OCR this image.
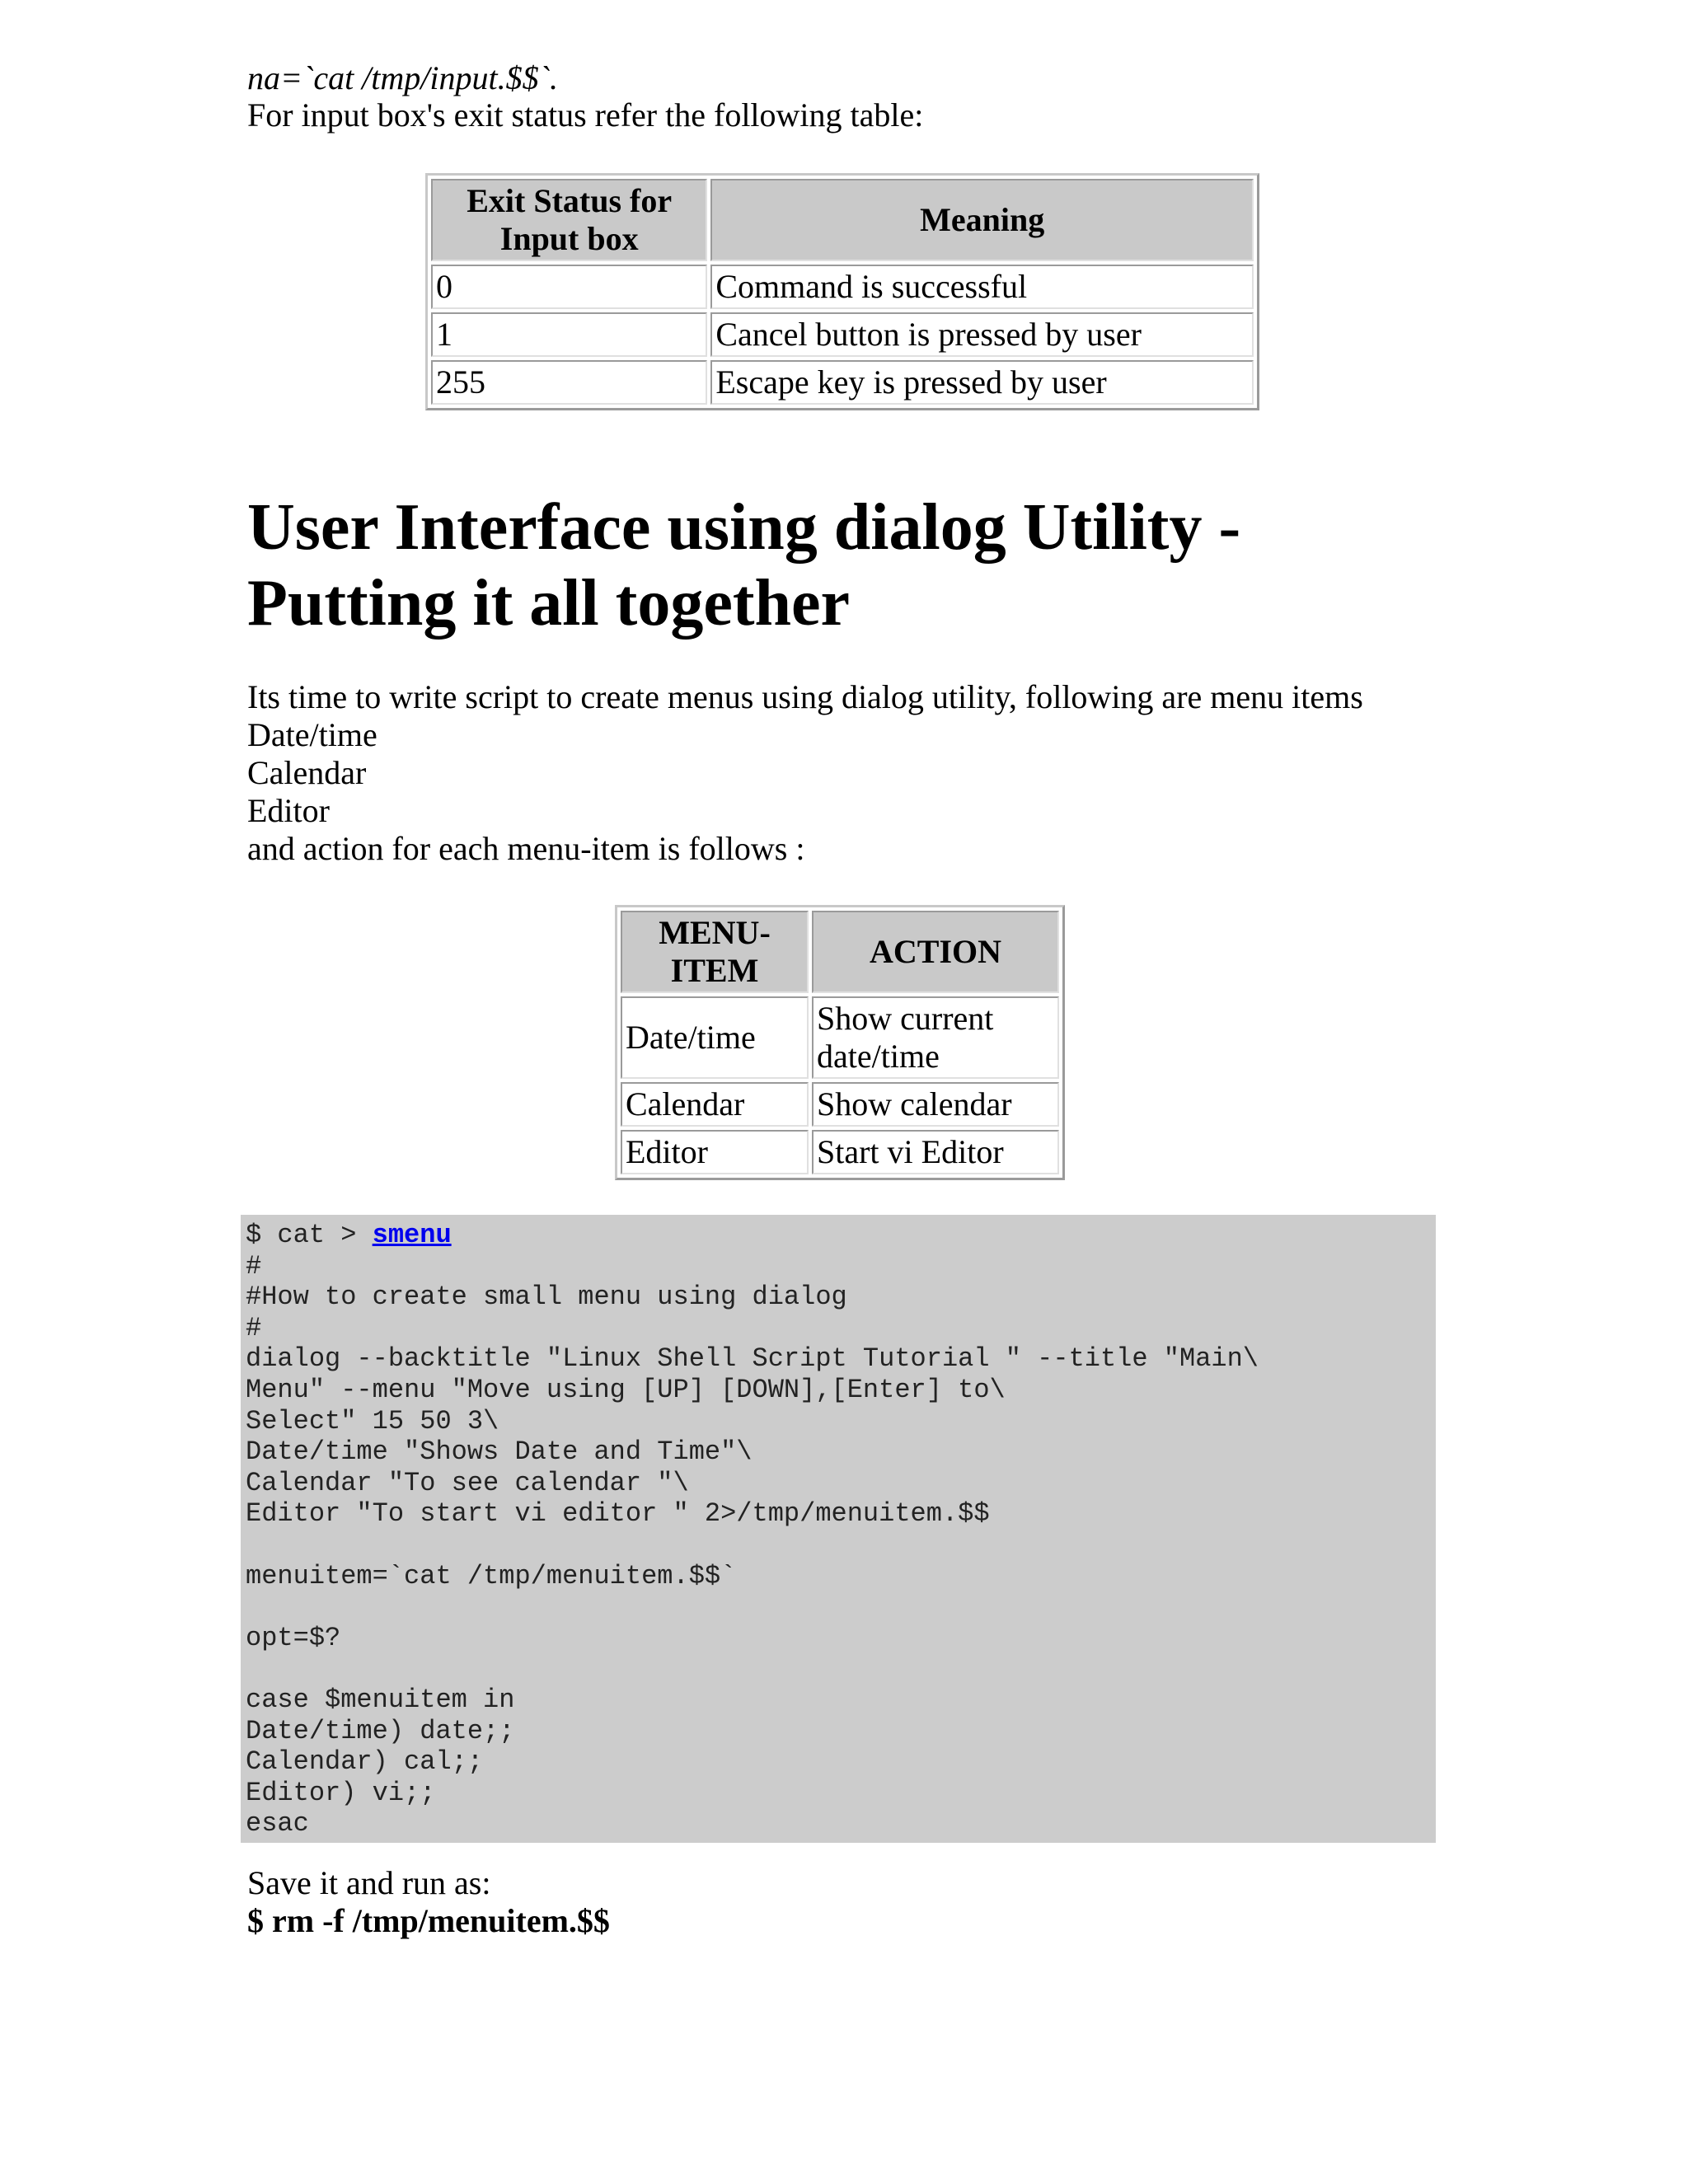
na=`cat /tmp/input.$$`.
For input box's exit status refer the following table:
Exit Status for Input box	Meaning
0	Command is successful
1	Cancel button is pressed by user
255	Escape key is pressed by user
User Interface using dialog Utility -
Putting it all together
Its time to write script to create menus using dialog utility, following are menu items
Date/time
Calendar
Editor
and action for each menu-item is follows :
MENU-ITEM	ACTION
Date/time	Show current date/time
Calendar	Show calendar
Editor	Start vi Editor
$ cat > smenu
#
#How to create small menu using dialog
#
dialog --backtitle "Linux Shell Script Tutorial " --title "Main\
Menu" --menu "Move using [UP] [DOWN],[Enter] to\
Select" 15 50 3\
Date/time "Shows Date and Time"\
Calendar "To see calendar "\
Editor "To start vi editor " 2>/tmp/menuitem.$$
menuitem=`cat /tmp/menuitem.$$`
opt=$?
case $menuitem in
Date/time) date;;
Calendar) cal;;
Editor) vi;;
esac
Save it and run as:
$ rm -f /tmp/menuitem.$$
